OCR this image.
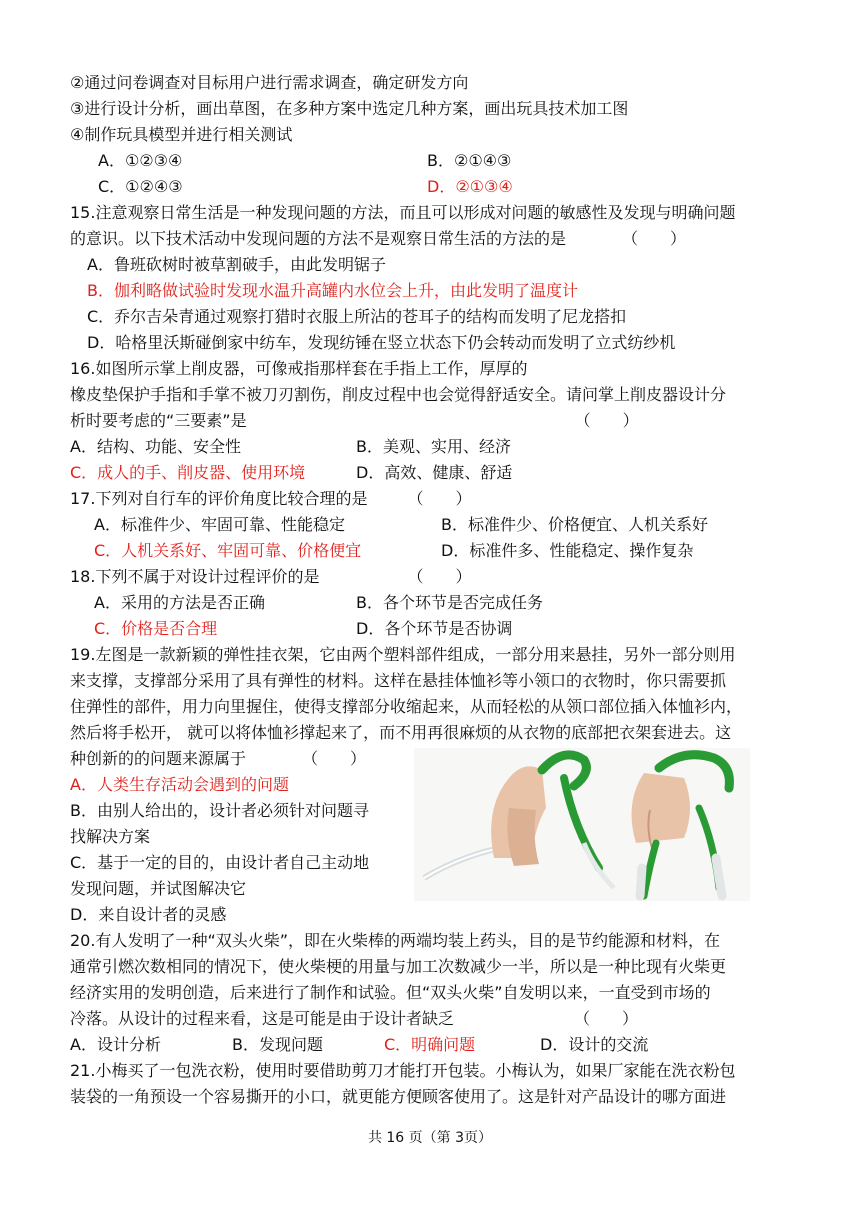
②通过问卷调查对目标用户进行需求调查，确定研发方向
③进行设计分析，画出草图，在多种方案中选定几种方案，画出玩具技术加工图
④制作玩具模型并进行相关测试
A．①②③④	B．②①④③
C．①②④③	D．②①③④
15.注意观察日常生活是一种发现问题的方法，而且可以形成对问题的敏感性及发现与明确问题
的意识。以下技术活动中发现问题的方法不是观察日常生活的方法的是　　　　（　　）
A．鲁班砍树时被草割破手，由此发明锯子
B．伽利略做试验时发现水温升高罐内水位会上升，由此发明了温度计
C．乔尔吉朵青通过观察打猎时衣服上所沾的苍耳子的结构而发明了尼龙搭扣
D．哈格里沃斯碰倒家中纺车，发现纺锤在竖立状态下仍会转动而发明了立式纺纱机
16.如图所示掌上削皮器，可像戒指那样套在手指上工作，厚厚的
橡皮垫保护手指和手掌不被刀刃割伤，削皮过程中也会觉得舒适安全。请问掌上削皮器设计分
析时要考虑的“三要素”是　　　　　　　　　　　　　　　　　　　　　（　　）
A．结构、功能、安全性	B．美观、实用、经济
C．成人的手、削皮器、使用环境	D．高效、健康、舒适
17.下列对自行车的评价角度比较合理的是　　　（　　）
A．标准件少、牢固可靠、性能稳定	B．标准件少、价格便宜、人机关系好
C．人机关系好、牢固可靠、价格便宜	D．标准件多、性能稳定、操作复杂
18.下列不属于对设计过程评价的是　　　　　　（　　）
A．采用的方法是否正确	B．各个环节是否完成任务
C．价格是否合理	D．各个环节是否协调
19.左图是一款新颖的弹性挂衣架，它由两个塑料部件组成，一部分用来悬挂，另外一部分则用
来支撑，支撑部分采用了具有弹性的材料。这样在悬挂体恤衫等小领口的衣物时，你只需要抓
住弹性的部件，用力向里握住，使得支撑部分收缩起来，从而轻松的从领口部位插入体恤衫内，
然后将手松开， 就可以将体恤衫撑起来了，而不用再很麻烦的从衣物的底部把衣架套进去。这
种创新的的问题来源属于　　　　（　　）
A．人类生存活动会遇到的问题
B．由别人给出的，设计者必须针对问题寻
找解决方案
C．基于一定的目的，由设计者自己主动地
发现问题，并试图解决它
D．来自设计者的灵感
20.有人发明了一种“双头火柴”，即在火柴棒的两端均装上药头，目的是节约能源和材料，在
通常引燃次数相同的情况下，使火柴梗的用量与加工次数减少一半，所以是一种比现有火柴更
经济实用的发明创造，后来进行了制作和试验。但“双头火柴”自发明以来，一直受到市场的
冷落。从设计的过程来看，这是可能是由于设计者缺乏　　　　　　　　（　　）
A．设计分析	B．发现问题	C．明确问题	D．设计的交流
21.小梅买了一包洗衣粉，使用时要借助剪刀才能打开包装。小梅认为，如果厂家能在洗衣粉包
装袋的一角预设一个容易撕开的小口，就更能方便顾客使用了。这是针对产品设计的哪方面进
共 16 页（第 3页）
